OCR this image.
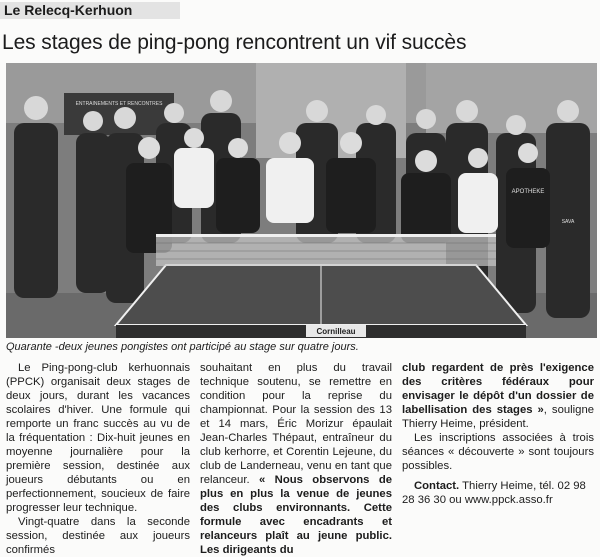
Le Relecq-Kerhuon
Les stages de ping-pong rencontrent un vif succès
ENTRAINEMENTS ET RENCONTRES
APOTHEKE
SAVA
Cornilleau
Quarante -deux jeunes pongistes ont participé au stage sur quatre jours.

Le Ping-pong-club kerhuonnais (PPCK) organisait deux stages de deux jours, durant les vacances scolaires d'hiver. Une formule qui remporte un franc succès au vu de la fréquentation : Dix-huit jeunes en moyenne journalière pour la première session, destinée aux joueurs débutants ou en perfectionnement, soucieux de faire progresser leur technique.

Vingt-quatre dans la seconde session, destinée aux joueurs confirmés

souhaitant en plus du travail technique soutenu, se remettre en condition pour la reprise du championnat. Pour la session des 13 et 14 mars, Éric Morizur épaulait Jean-Charles Thépaut, entraîneur du club kerhorre, et Corentin Lejeune, du club de Landerneau, venu en tant que relanceur. « Nous observons de plus en plus la venue de jeunes des clubs environnants. Cette formule avec encadrants et relanceurs plaît au jeune public. Les dirigeants du

club regardent de près l'exigence des critères fédéraux pour envisager le dépôt d'un dossier de labellisation des stages », souligne Thierry Heime, président.

Les inscriptions associées à trois séances « découverte » sont toujours possibles.

Contact. Thierry Heime, tél. 02 98 28 36 30 ou www.ppck.asso.fr
